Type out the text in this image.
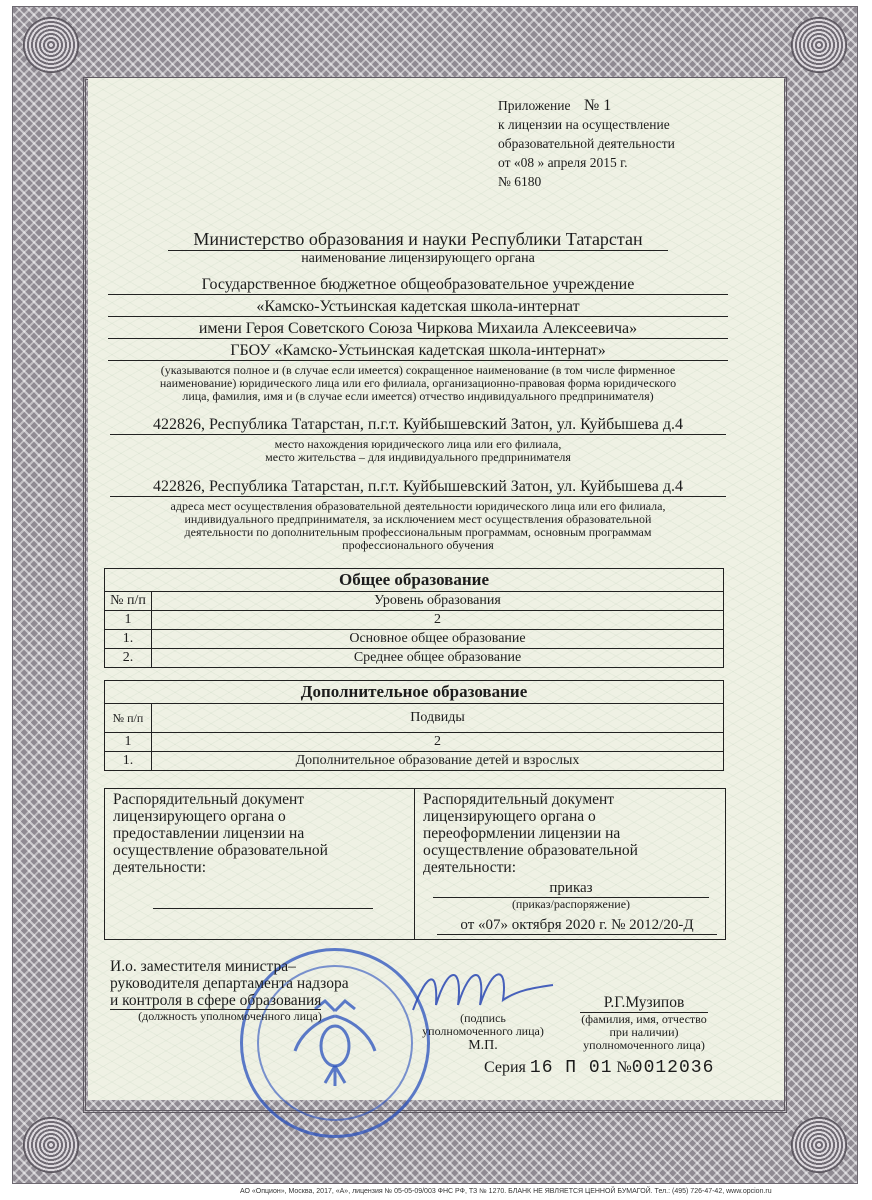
Приложение № 1
к лицензии на осуществление
образовательной деятельности
от «08 » апреля 2015 г.
№ 6180
Министерство образования и науки Республики Татарстан
наименование лицензирующего органа
Государственное бюджетное общеобразовательное учреждение
«Камско-Устьинская кадетская школа-интернат
имени Героя Советского Союза Чиркова Михаила Алексеевича»
ГБОУ «Камско-Устьинская кадетская школа-интернат»
(указываются полное и (в случае если имеется) сокращенное наименование (в том числе фирменное
наименование) юридического лица или его филиала, организационно-правовая форма юридического
лица, фамилия, имя и (в случае если имеется) отчество индивидуального предпринимателя)
422826, Республика Татарстан, п.г.т. Куйбышевский Затон, ул. Куйбышева д.4
место нахождения юридического лица или его филиала,
место жительства – для индивидуального предпринимателя
422826, Республика Татарстан, п.г.т. Куйбышевский Затон, ул. Куйбышева д.4
адреса мест осуществления образовательной деятельности юридического лица или его филиала,
индивидуального предпринимателя, за исключением мест осуществления образовательной
деятельности по дополнительным профессиональным программам, основным программам
профессионального обучения
Общее образование	
№ п/п	Уровень образования
1	2
1.	Основное общее образование
2.	Среднее общее образование
Дополнительное образование	
№ п/п	Подвиды
1	2
1.	Дополнительное образование детей и взрослых
Распорядительный документ
лицензирующего органа о
предоставлении лицензии на
осуществление образовательной
деятельности:
Распорядительный документ
лицензирующего органа о
переоформлении лицензии на
осуществление образовательной
деятельности:
приказ
(приказ/распоряжение)
от «07» октября 2020 г. № 2012/20-Д
И.о. заместителя министра–
руководителя департамента надзора
и контроля в сфере образования
(должность уполномоченного лица)	(подпись
уполномоченного лица)
М.П.
Р.Г.Музипов
(фамилия, имя, отчество
при наличии)
уполномоченного лица)
Серия 16 П 01 №0012036
АО «Опцион», Москва, 2017, «А», лицензия № 05-05-09/003 ФНС РФ, ТЗ № 1270. БЛАНК НЕ ЯВЛЯЕТСЯ ЦЕННОЙ БУМАГОЙ. Тел.: (495) 726-47-42, www.opcion.ru
